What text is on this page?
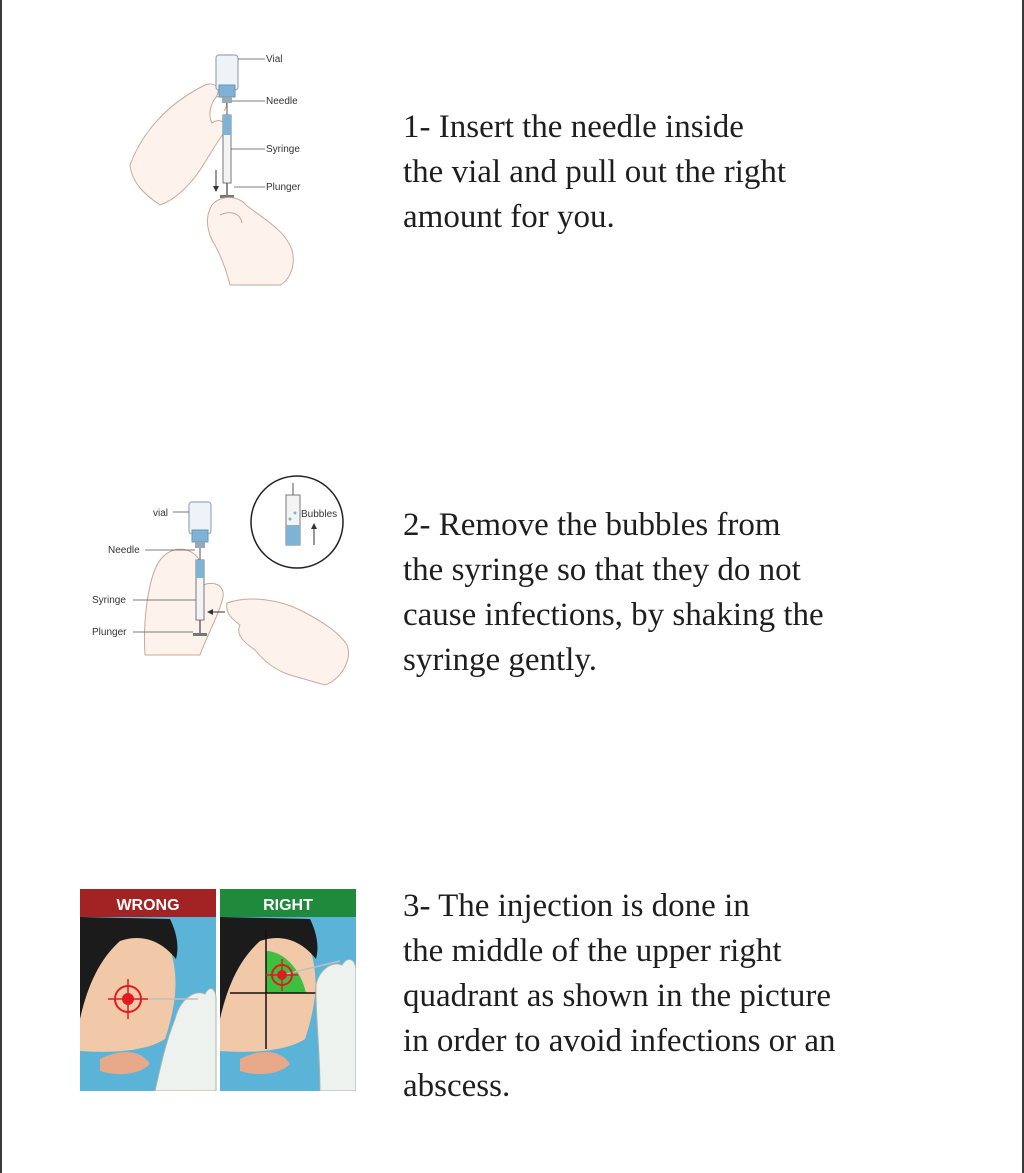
Vial
Needle
Syringe
Plunger
1- Insert the needle inside
the vial and pull out the right
amount for you.
Bubbles
vial
Needle
Syringe
Plunger
2- Remove the bubbles from
the syringe so that they do not
cause infections, by shaking the
syringe gently.
WRONG	RIGHT	3- The injection is done in
the middle of the upper right
quadrant as shown in the picture
in order to avoid infections or an
abscess.
